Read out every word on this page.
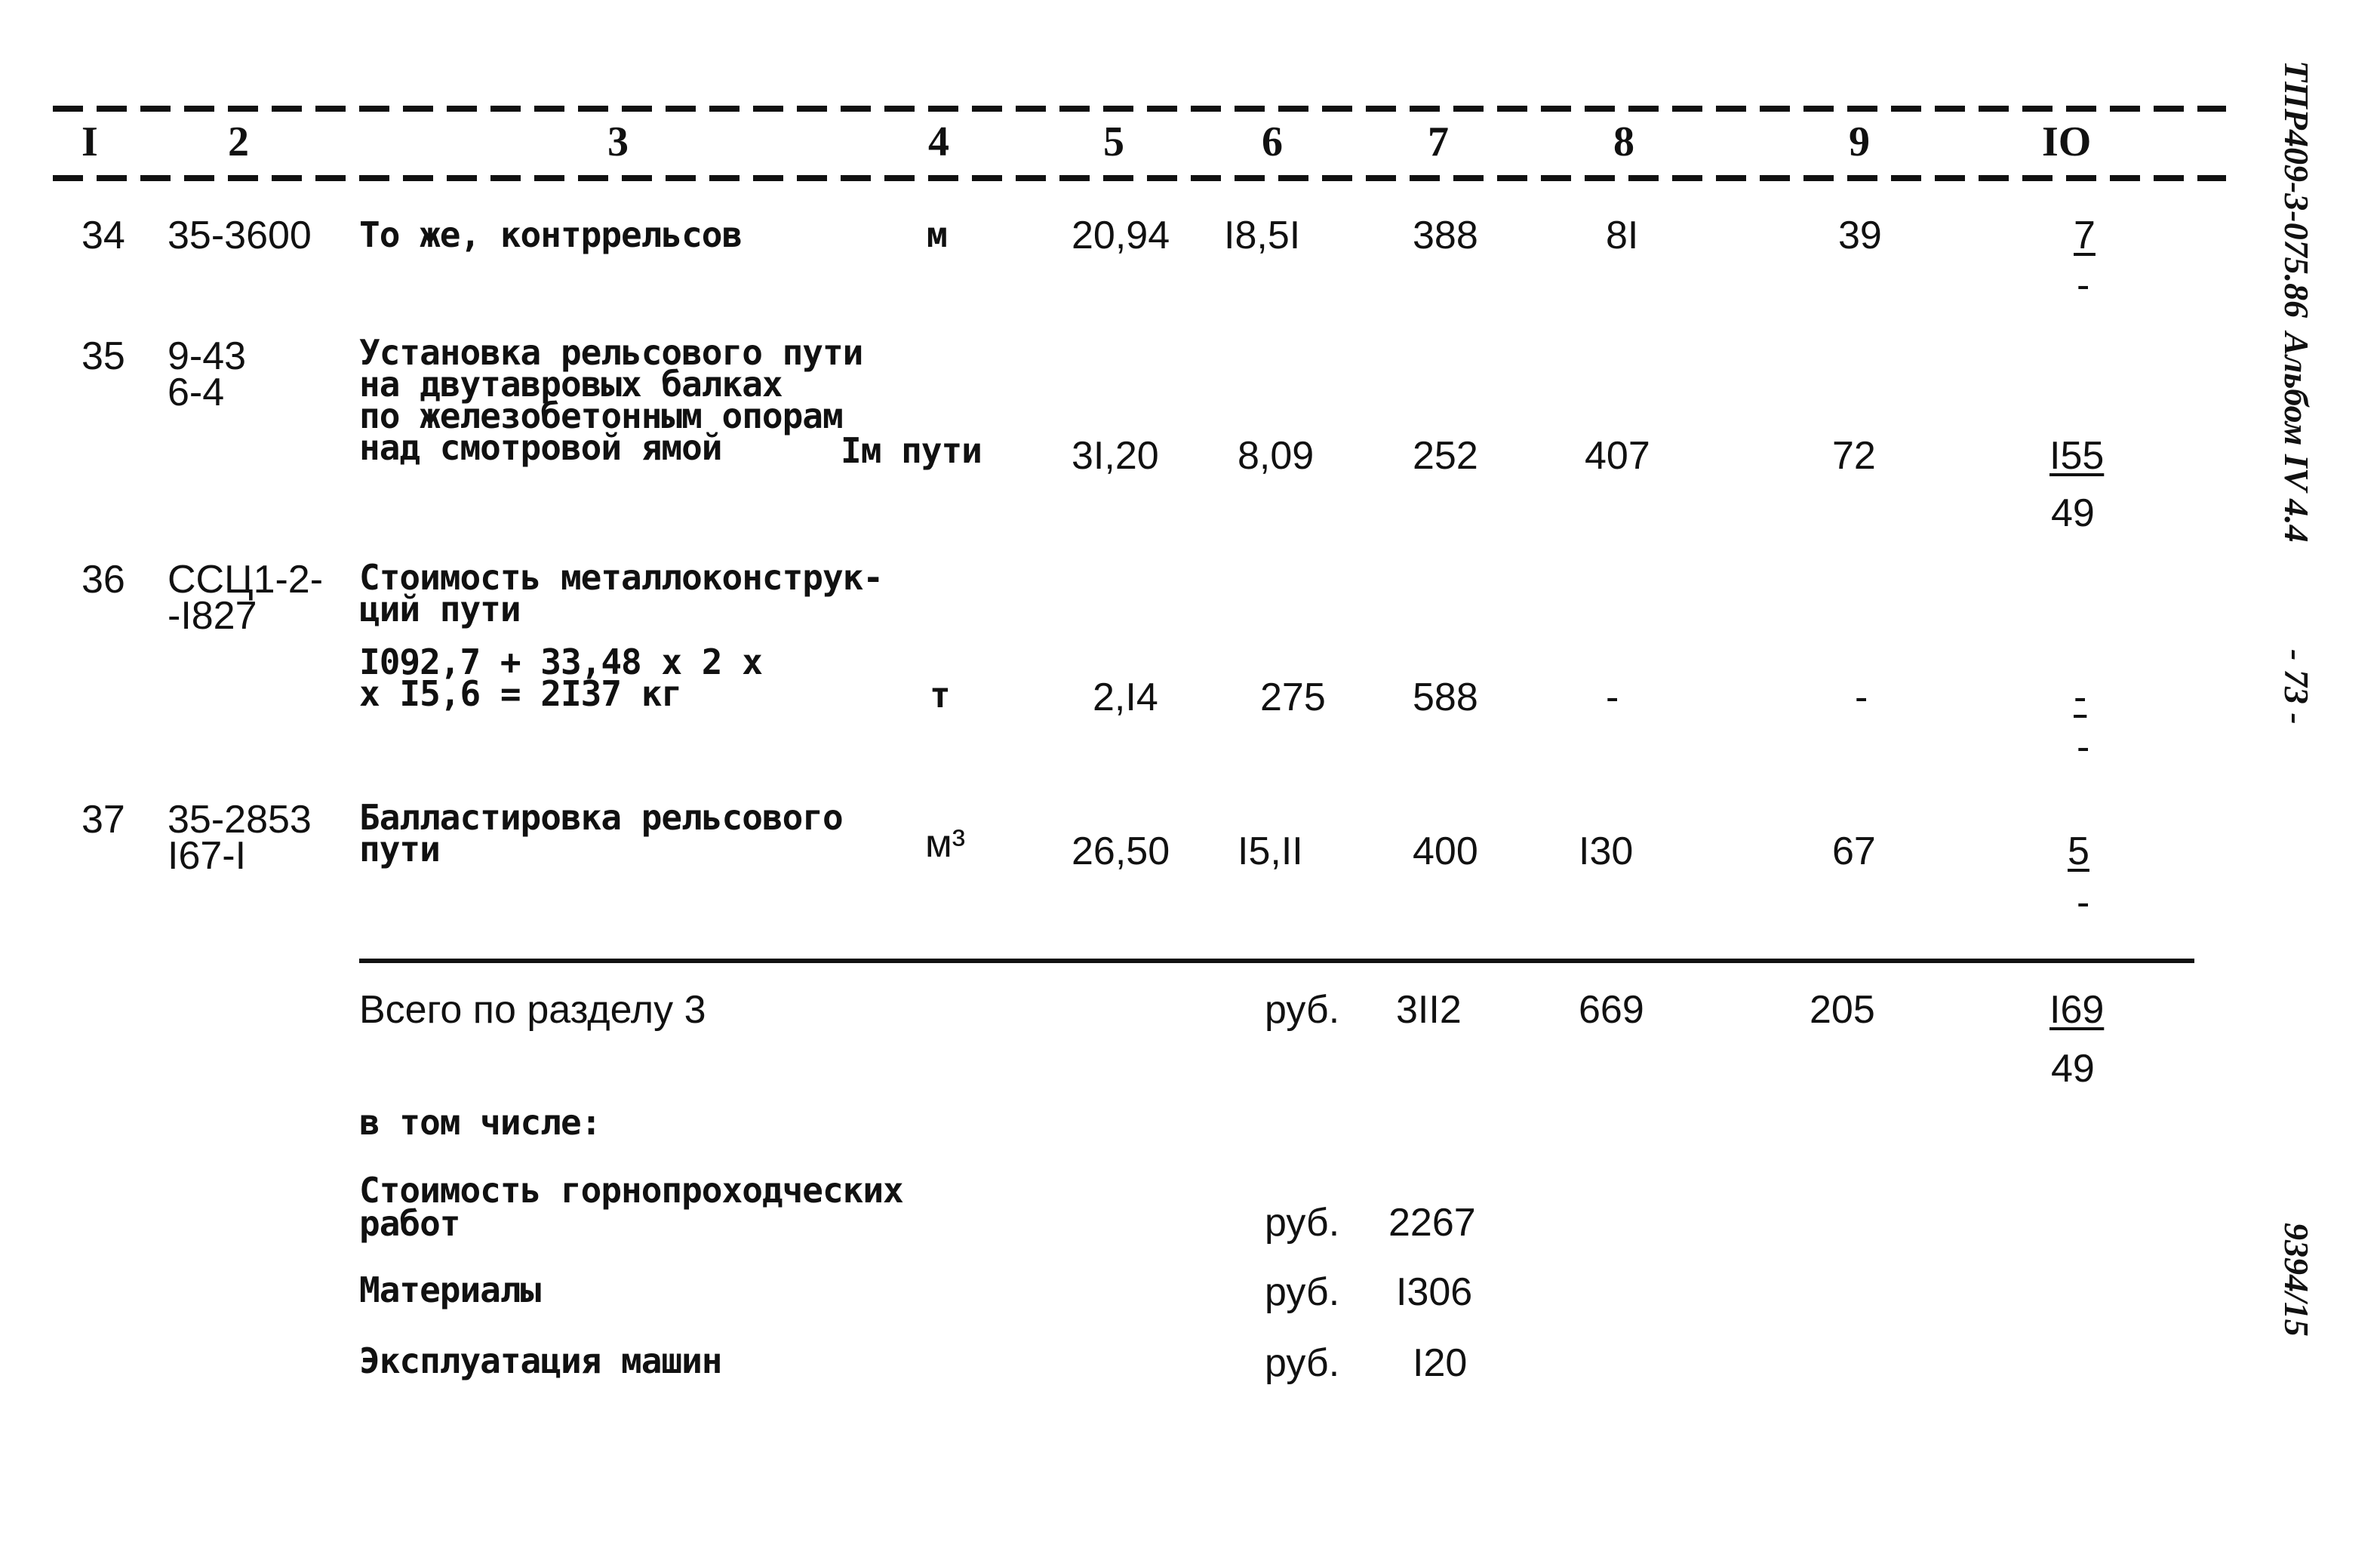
I	2	3	4	5	6	7	8	9	IO
34 35-3600 То же, контррельсов	м	20,94 I8,5I	388	8I	39	7
-
35 9-43
6-4
Установка рельсового пути
на двутавровых балках
по железобетонным опорам
над смотровой ямой	Iм пути 3I,20 8,09	252	407	72	I55
49
36 ССЦ1-2-
-I827
Стоимость металлоконструк-
ций пути
I092,7 + 33,48 х 2 х
х I5,6 = 2I37 кг	т	2,I4	275 588	-	-	-
-
37 35-2853
I67-I
Балластировка рельсового
пути	м³	26,50 I5,II	400	I30	67	5
-
Всего по разделу 3	руб. 3II2	669	205	I69
49
в том числе:
Стоимость горнопроходческих
работ	руб. 2267
Материалы	руб. I306
Эксплуатация машин	руб. I20
ТПР409-3-075.86
Альбом IV 4.4
- 73 -
9394/15
